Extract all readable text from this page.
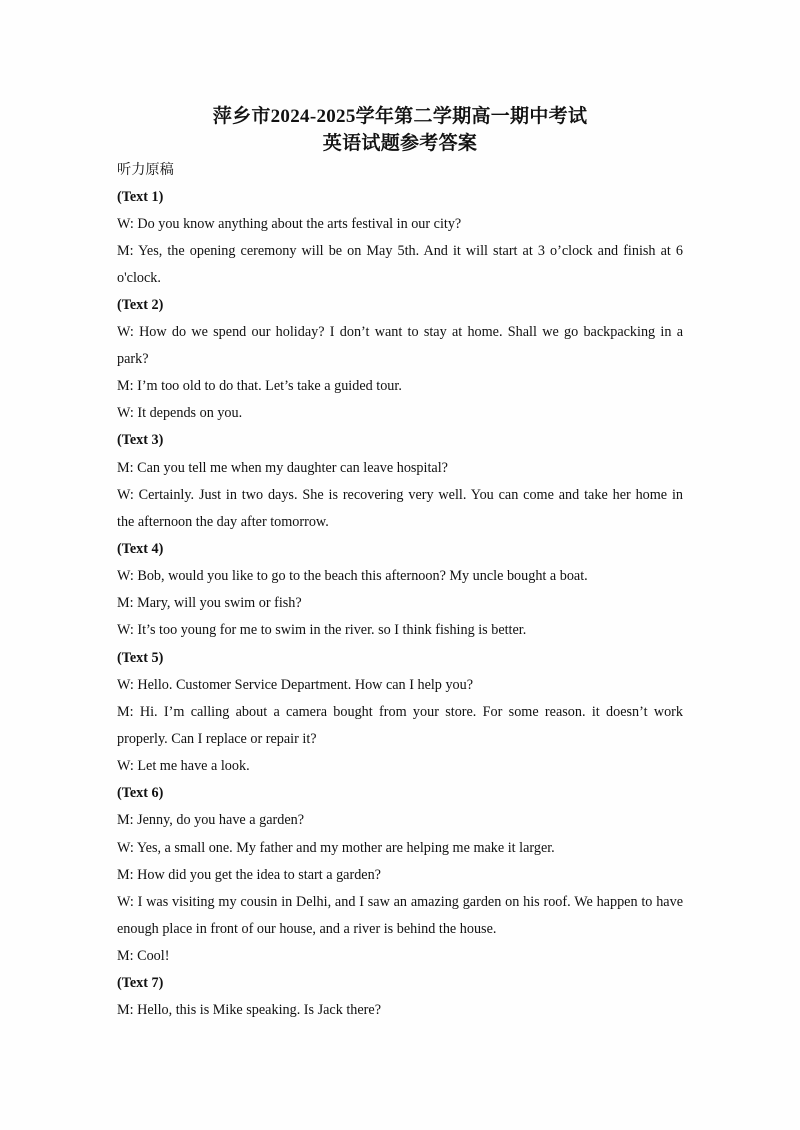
萍乡市2024-2025学年第二学期高一期中考试
英语试题参考答案
听力原稿
(Text 1)
W: Do you know anything about the arts festival in our city?
M: Yes, the opening ceremony will be on May 5th. And it will start at 3 o’clock and finish at 6
o'clock.
(Text 2)
W: How do we spend our holiday? I don’t want to stay at home. Shall we go backpacking in a
park?
M: I’m too old to do that. Let’s take a guided tour.
W: It depends on you.
(Text 3)
M: Can you tell me when my daughter can leave hospital?
W: Certainly. Just in two days. She is recovering very well. You can come and take her home in
the afternoon the day after tomorrow.
(Text 4)
W: Bob, would you like to go to the beach this afternoon? My uncle bought a boat.
M: Mary, will you swim or fish?
W: It’s too young for me to swim in the river. so I think fishing is better.
(Text 5)
W: Hello. Customer Service Department. How can I help you?
M: Hi. I’m calling about a camera bought from your store. For some reason. it doesn’t work
properly. Can I replace or repair it?
W: Let me have a look.
(Text 6)
M: Jenny, do you have a garden?
W: Yes, a small one. My father and my mother are helping me make it larger.
M: How did you get the idea to start a garden?
W: I was visiting my cousin in Delhi, and I saw an amazing garden on his roof. We happen to have
enough place in front of our house, and a river is behind the house.
M: Cool!
(Text 7)
M: Hello, this is Mike speaking. Is Jack there?
